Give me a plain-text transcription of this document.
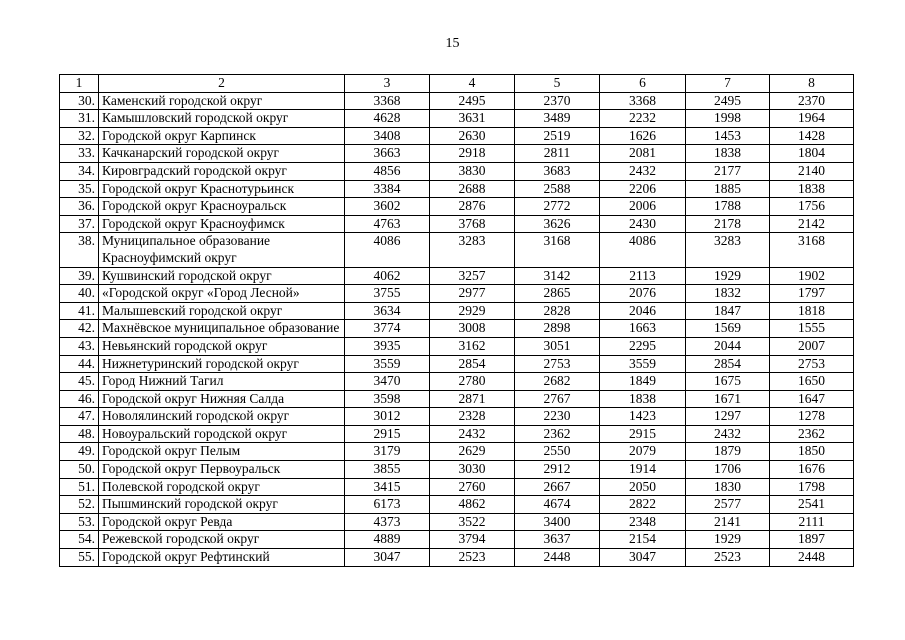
15
1	2	3	4	5	6	7	8
30.	Каменский городской округ	3368	2495	2370	3368	2495	2370
31.	Камышловский городской округ	4628	3631	3489	2232	1998	1964
32.	Городской округ Карпинск	3408	2630	2519	1626	1453	1428
33.	Качканарский городской округ	3663	2918	2811	2081	1838	1804
34.	Кировградский городской округ	4856	3830	3683	2432	2177	2140
35.	Городской округ Краснотурьинск	3384	2688	2588	2206	1885	1838
36.	Городской округ Красноуральск	3602	2876	2772	2006	1788	1756
37.	Городской округ Красноуфимск	4763	3768	3626	2430	2178	2142
38.	Муниципальное образование Красноуфимский округ	4086	3283	3168	4086	3283	3168
39.	Кушвинский городской округ	4062	3257	3142	2113	1929	1902
40.	«Городской округ «Город Лесной»	3755	2977	2865	2076	1832	1797
41.	Малышевский городской округ	3634	2929	2828	2046	1847	1818
42.	Махнёвское муниципальное образование	3774	3008	2898	1663	1569	1555
43.	Невьянский городской округ	3935	3162	3051	2295	2044	2007
44.	Нижнетуринский городской округ	3559	2854	2753	3559	2854	2753
45.	Город Нижний Тагил	3470	2780	2682	1849	1675	1650
46.	Городской округ Нижняя Салда	3598	2871	2767	1838	1671	1647
47.	Новолялинский городской округ	3012	2328	2230	1423	1297	1278
48.	Новоуральский городской округ	2915	2432	2362	2915	2432	2362
49.	Городской округ Пелым	3179	2629	2550	2079	1879	1850
50.	Городской округ Первоуральск	3855	3030	2912	1914	1706	1676
51.	Полевской городской округ	3415	2760	2667	2050	1830	1798
52.	Пышминский городской округ	6173	4862	4674	2822	2577	2541
53.	Городской округ Ревда	4373	3522	3400	2348	2141	2111
54.	Режевской городской округ	4889	3794	3637	2154	1929	1897
55.	Городской округ Рефтинский	3047	2523	2448	3047	2523	2448
